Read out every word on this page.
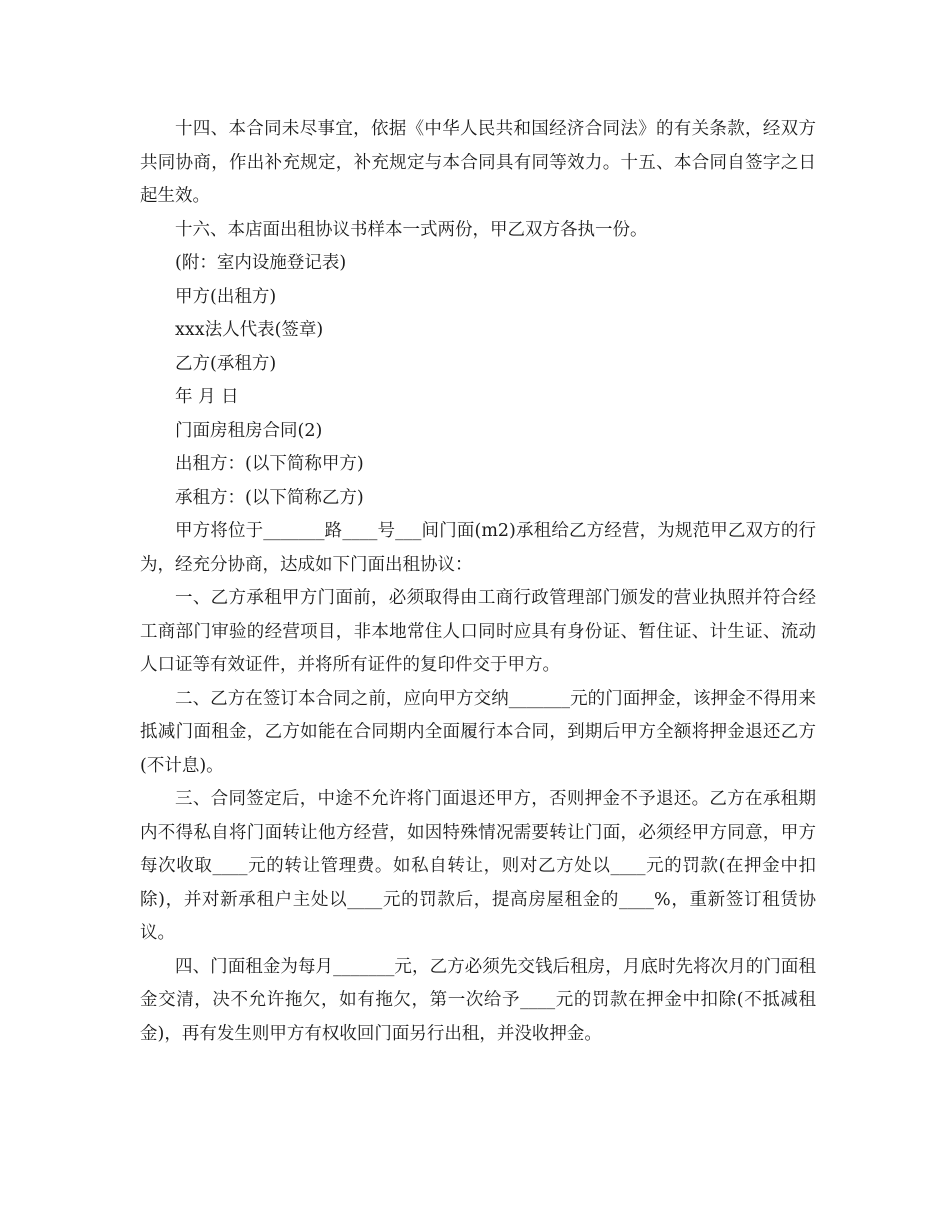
十四、本合同未尽事宜，依据《中华人民共和国经济合同法》的有关条款，经双方共同协商，作出补充规定，补充规定与本合同具有同等效力。十五、本合同自签字之日起生效。

十六、本店面出租协议书样本一式两份，甲乙双方各执一份。

(附：室内设施登记表)

甲方(出租方)

xxx法人代表(签章)

乙方(承租方)

年 月 日

门面房租房合同(2)

出租方：(以下简称甲方)

承租方：(以下简称乙方)

甲方将位于_______路____号___间门面(m2)承租给乙方经营，为规范甲乙双方的行为，经充分协商，达成如下门面出租协议：

一、乙方承租甲方门面前，必须取得由工商行政管理部门颁发的营业执照并符合经工商部门审验的经营项目，非本地常住人口同时应具有身份证、暂住证、计生证、流动人口证等有效证件，并将所有证件的复印件交于甲方。

二、乙方在签订本合同之前，应向甲方交纳_______元的门面押金，该押金不得用来抵减门面租金，乙方如能在合同期内全面履行本合同，到期后甲方全额将押金退还乙方(不计息)。

三、合同签定后，中途不允许将门面退还甲方，否则押金不予退还。乙方在承租期内不得私自将门面转让他方经营，如因特殊情况需要转让门面，必须经甲方同意，甲方每次收取____元的转让管理费。如私自转让，则对乙方处以____元的罚款(在押金中扣除)，并对新承租户主处以____元的罚款后，提高房屋租金的____%，重新签订租赁协议。

四、门面租金为每月_______元，乙方必须先交钱后租房，月底时先将次月的门面租金交清，决不允许拖欠，如有拖欠，第一次给予____元的罚款在押金中扣除(不抵减租金)，再有发生则甲方有权收回门面另行出租，并没收押金。
